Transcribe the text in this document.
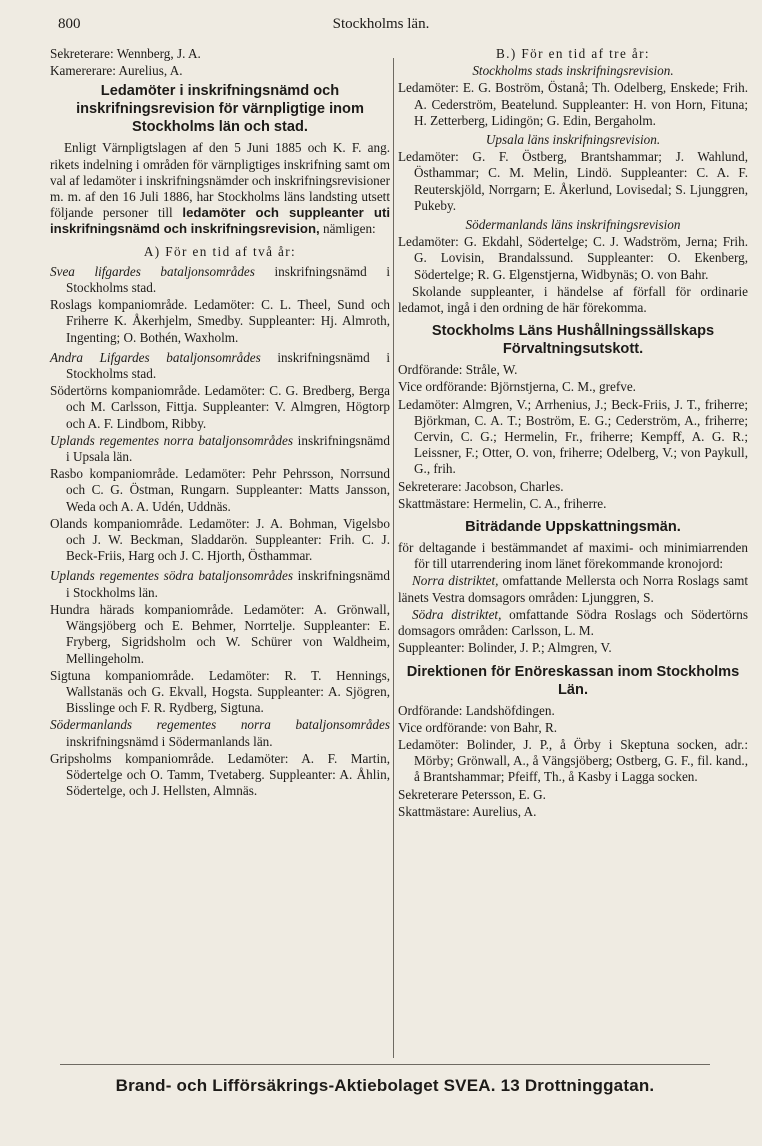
800	Stockholms län.

Sekreterare: Wennberg, J. A.

Kamererare: Aurelius, A.

Ledamöter i inskrifningsnämd och inskrifningsrevision för värnpligtige inom Stockholms län och stad.

Enligt Värnpligtslagen af den 5 Juni 1885 och K. F. ang. rikets indelning i områden för värnpligtiges inskrifning samt om val af ledamöter i inskrifningsnämder och inskrifningsrevisioner m. m. af den 16 Juli 1886, har Stockholms läns landsting utsett följande personer till ledamöter och suppleanter uti inskrifningsnämd och inskrifningsrevision, nämligen:

A) För en tid af två år:

Svea lifgardes bataljonsområdes inskrifningsnämd i Stockholms stad.

Roslags kompaniområde. Ledamöter: C. L. Theel, Sund och Friherre K. Åkerhjelm, Smedby. Suppleanter: Hj. Almroth, Ingenting; O. Bothén, Waxholm.

Andra Lifgardes bataljonsområdes inskrifningsnämd i Stockholms stad.

Södertörns kompaniområde. Ledamöter: C. G. Bredberg, Berga och M. Carlsson, Fittja. Suppleanter: V. Almgren, Högtorp och A. F. Lindbom, Ribby.

Uplands regementes norra bataljonsområdes inskrifningsnämd i Upsala län.

Rasbo kompaniområde. Ledamöter: Pehr Pehrsson, Norrsund och C. G. Östman, Rungarn. Suppleanter: Matts Jansson, Weda och A. A. Udén, Uddnäs.

Olands kompaniområde. Ledamöter: J. A. Bohman, Vigelsbo och J. W. Beckman, Sladdarön. Suppleanter: Frih. C. J. Beck-Friis, Harg och J. C. Hjorth, Östhammar.

Uplands regementes södra bataljonsområdes inskrifningsnämd i Stockholms län.

Hundra härads kompaniområde. Ledamöter: A. Grönwall, Wängsjöberg och E. Behmer, Norrtelje. Suppleanter: E. Fryberg, Sigridsholm och W. Schürer von Waldheim, Mellingeholm.

Sigtuna kompaniområde. Ledamöter: R. T. Hennings, Wallstanäs och G. Ekvall, Hogsta. Suppleanter: A. Sjögren, Bisslinge och F. R. Rydberg, Sigtuna.

Södermanlands regementes norra bataljonsområdes inskrifningsnämd i Södermanlands län.

Gripsholms kompaniområde. Ledamöter: A. F. Martin, Södertelge och O. Tamm, Tvetaberg. Suppleanter: A. Åhlin, Södertelge, och J. Hellsten, Almnäs.

B.) För en tid af tre år:

Stockholms stads inskrifningsrevision.

Ledamöter: E. G. Boström, Östanå; Th. Odelberg, Enskede; Frih. A. Cederström, Beatelund. Suppleanter: H. von Horn, Fituna; H. Zetterberg, Lidingön; G. Edin, Bergaholm.

Upsala läns inskrifningsrevision.

Ledamöter: G. F. Östberg, Brantshammar; J. Wahlund, Östhammar; C. M. Melin, Lindö. Suppleanter: C. A. F. Reuterskjöld, Norrgarn; E. Åkerlund, Lovisedal; S. Ljunggren, Pukeby.

Södermanlands läns inskrifningsrevision

Ledamöter: G. Ekdahl, Södertelge; C. J. Wadström, Jerna; Frih. G. Lovisin, Brandalssund. Suppleanter: O. Ekenberg, Södertelge; R. G. Elgenstjerna, Widbynäs; O. von Bahr.

Skolande suppleanter, i händelse af förfall för ordinarie ledamot, ingå i den ordning de här förekomma.

Stockholms Läns Hushållningssällskaps Förvaltningsutskott.

Ordförande: Stråle, W.

Vice ordförande: Björnstjerna, C. M., grefve.

Ledamöter: Almgren, V.; Arrhenius, J.; Beck-Friis, J. T., friherre; Björkman, C. A. T.; Boström, E. G.; Cederström, A., friherre; Cervin, C. G.; Hermelin, Fr., friherre; Kempff, A. G. R.; Leissner, F.; Otter, O. von, friherre; Odelberg, V.; von Paykull, G., frih.

Sekreterare: Jacobson, Charles.

Skattmästare: Hermelin, C. A., friherre.

Biträdande Uppskattningsmän.

för deltagande i bestämmandet af maximi- och minimiarrenden för till utarrendering inom länet förekommande kronojord:

Norra distriktet, omfattande Mellersta och Norra Roslags samt länets Vestra domsagors områden: Ljunggren, S.

Södra distriktet, omfattande Södra Roslags och Södertörns domsagors områden: Carlsson, L. M.

Suppleanter: Bolinder, J. P.; Almgren, V.

Direktionen för Enöreskassan inom Stockholms Län.

Ordförande: Landshöfdingen.

Vice ordförande: von Bahr, R.

Ledamöter: Bolinder, J. P., å Örby i Skeptuna socken, adr.: Mörby; Grönwall, A., å Vängsjöberg; Ostberg, G. F., fil. kand., å Brantshammar; Pfeiff, Th., å Kasby i Lagga socken.

Sekreterare Petersson, E. G.

Skattmästare: Aurelius, A.

Brand- och Lifförsäkrings-Aktiebolaget SVEA. 13 Drottninggatan.
